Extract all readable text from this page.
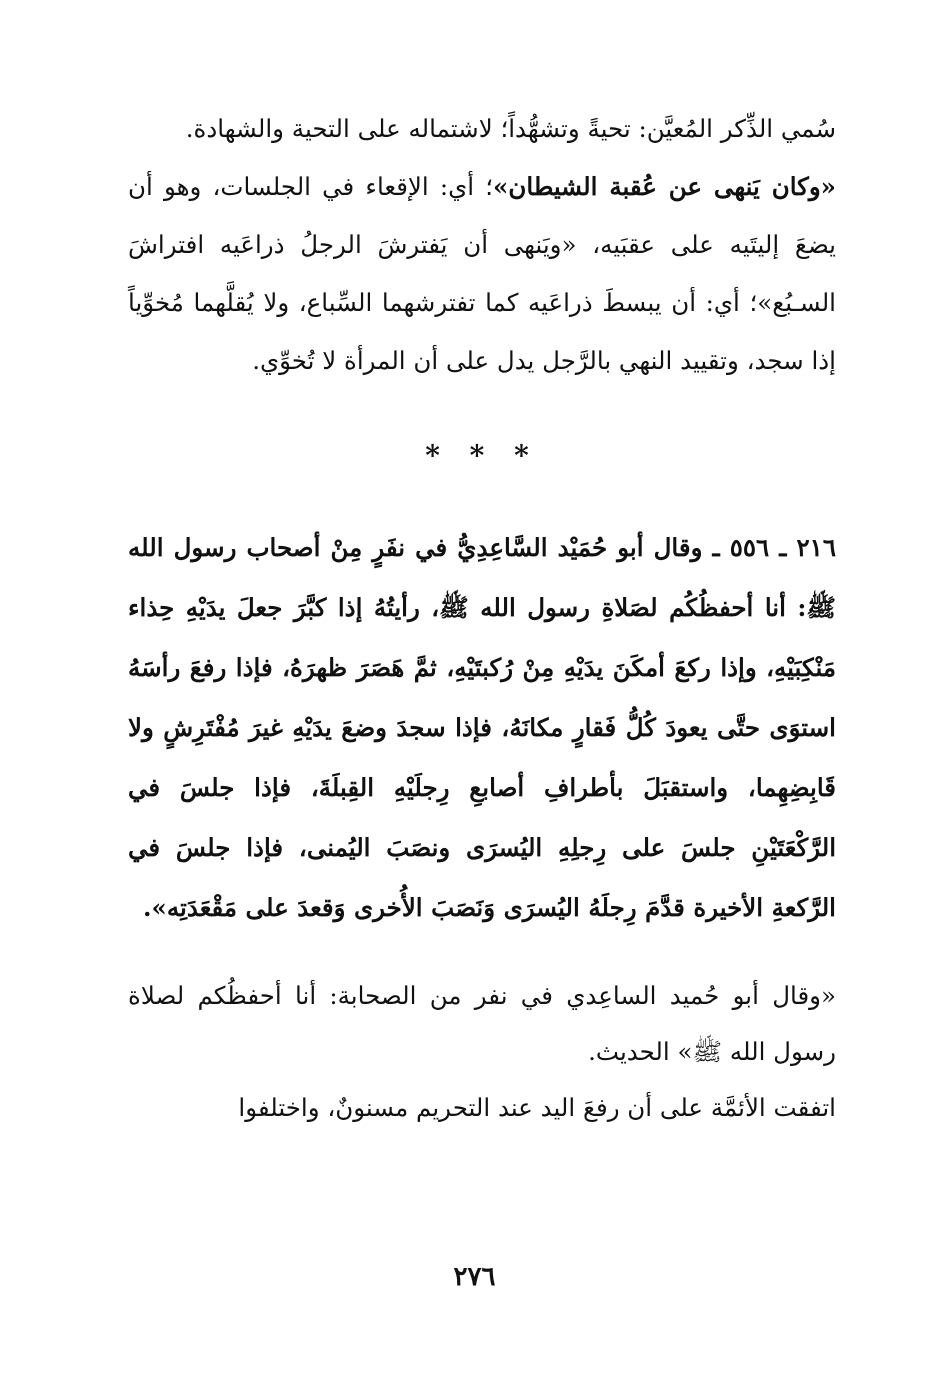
سُمي الذِّكر المُعيَّن: تحيةً وتشهُّداً؛ لاشتماله على التحية والشهادة.

«وكان يَنهى عن عُقبة الشيطان»؛ أي: الإقعاء في الجلسات، وهو أن يضعَ إليتَيه على عقبَيه، «ويَنهى أن يَفترشَ الرجلُ ذراعَيه افتراشَ السـبُع»؛ أي: أن يبسطَ ذراعَيه كما تفترشهما السِّباع، ولا يُقلَّهما مُخوِّياً إذا سجد، وتقييد النهي بالرَّجل يدل على أن المرأة لا تُخوِّي.

* * *

٢١٦ ـ ٥٥٦ ـ وقال أبو حُمَيْد السَّاعِدِيُّ في نفَرٍ مِنْ أصحاب رسول الله ﷺ: أنا أحفظُكُم لصَلاةِ رسول الله ﷺ، رأيتُهُ إذا كبَّرَ جعلَ يدَيْهِ حِذاء مَنْكِبَيْهِ، وإذا ركعَ أمكَنَ يدَيْهِ مِنْ رُكبتَيْهِ، ثمَّ هَصَرَ ظهرَهُ، فإذا رفعَ رأسَهُ استوَى حتَّى يعودَ كُلُّ فَقارٍ مكانَهُ، فإذا سجدَ وضعَ يدَيْهِ غيرَ مُفْتَرِشٍ ولا قَابِضِهِما، واستقبَلَ بأطرافِ أصابعِ رِجلَيْهِ القِبلَةَ، فإذا جلسَ في الرَّكْعَتَيْنِ جلسَ على رِجلِهِ اليُسرَى ونصَبَ اليُمنى، فإذا جلسَ في الرَّكعةِ الأخيرة قدَّمَ رِجلَهُ اليُسرَى وَنَصَبَ الأُخرى وَقعدَ على مَقْعَدَتِه».

«وقال أبو حُميد الساعِدي في نفر من الصحابة: أنا أحفظُكم لصلاة رسول الله ﷺ» الحديث.

اتفقت الأئمَّة على أن رفعَ اليد عند التحريم مسنونٌ، واختلفوا

٢٧٦
